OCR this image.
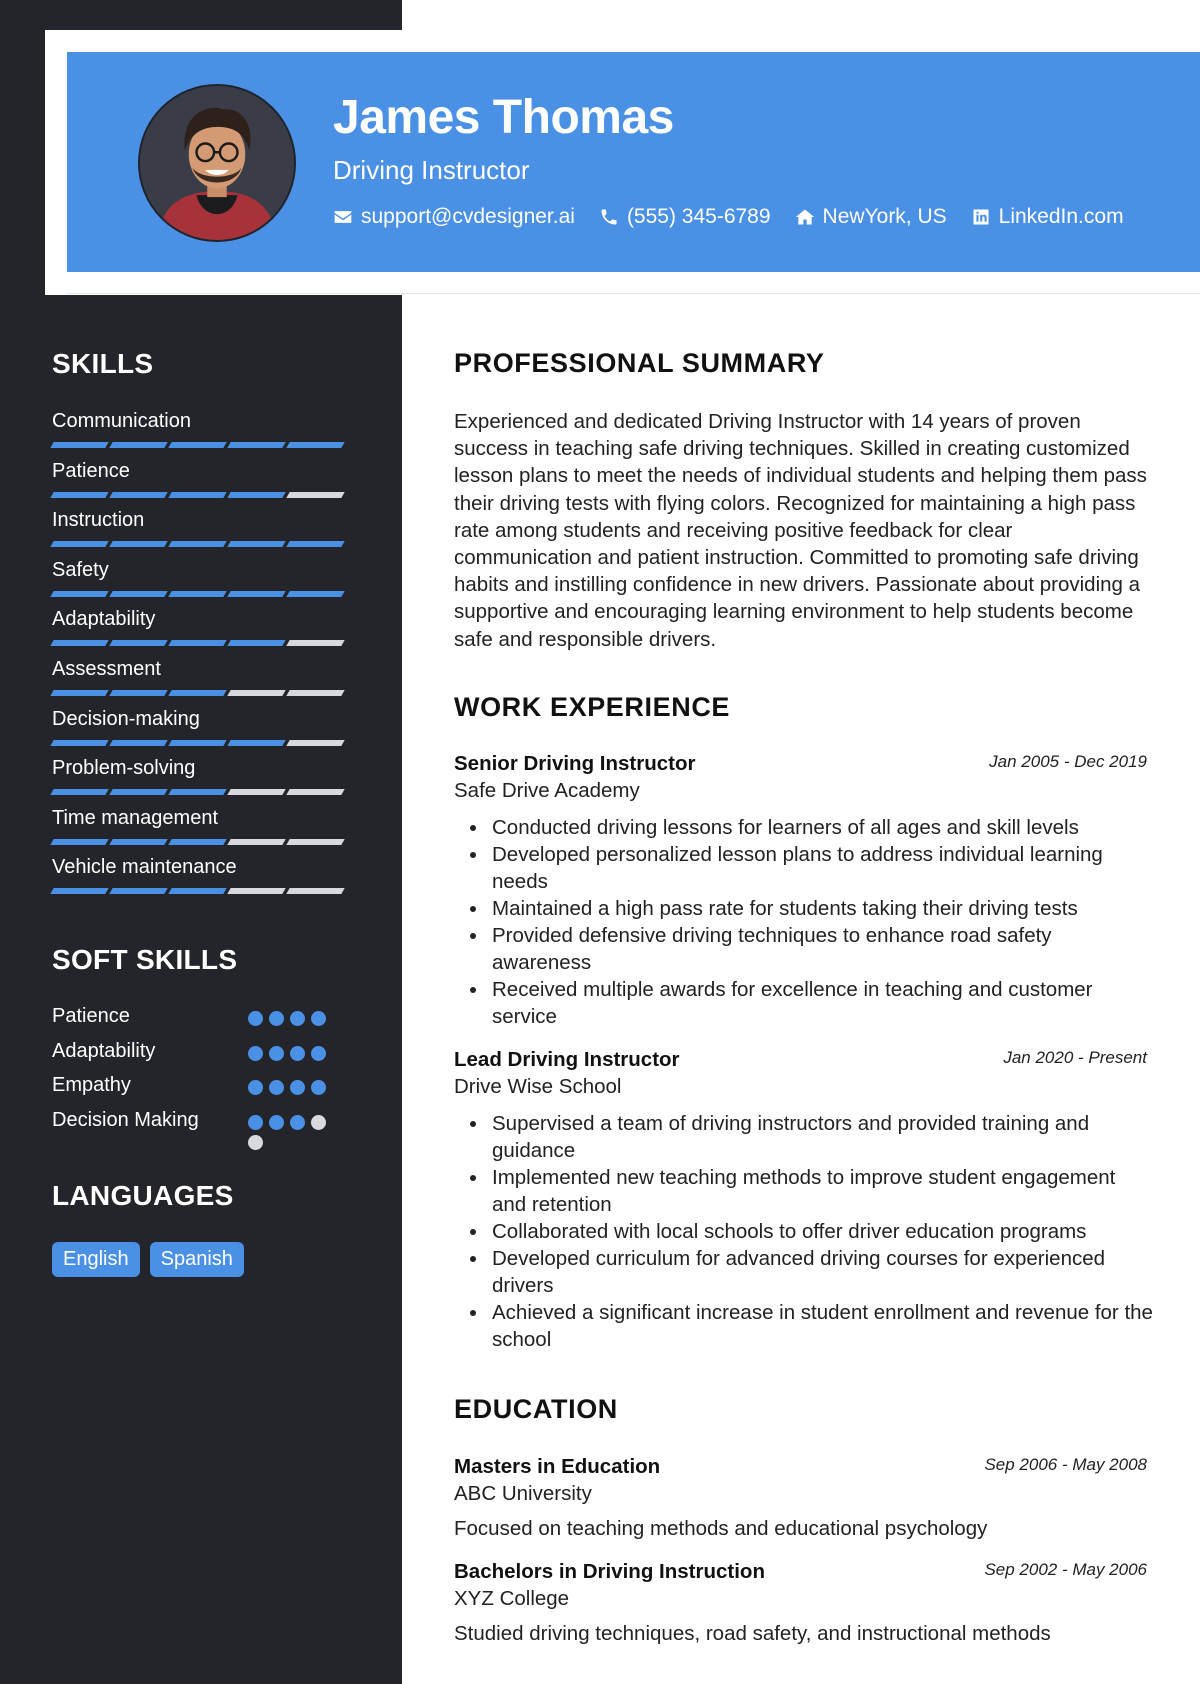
James Thomas
Driving Instructor
support@cvdesigner.ai (555) 345-6789 NewYork, US LinkedIn.com
SKILLS
Communication
Patience
Instruction
Safety
Adaptability
Assessment
Decision-making
Problem-solving
Time management
Vehicle maintenance
SOFT SKILLS
Patience
Adaptability
Empathy
Decision Making
LANGUAGES
English	Spanish
PROFESSIONAL SUMMARY

Experienced and dedicated Driving Instructor with 14 years of proven success in teaching safe driving techniques. Skilled in creating customized lesson plans to meet the needs of individual students and helping them pass their driving tests with flying colors. Recognized for maintaining a high pass rate among students and receiving positive feedback for clear communication and patient instruction. Committed to promoting safe driving habits and instilling confidence in new drivers. Passionate about providing a supportive and encouraging learning environment to help students become safe and responsible drivers.

WORK EXPERIENCE
Senior Driving Instructor	Jan 2005 - Dec 2019
Safe Drive Academy
Conducted driving lessons for learners of all ages and skill levels
Developed personalized lesson plans to address individual learning needs
Maintained a high pass rate for students taking their driving tests
Provided defensive driving techniques to enhance road safety awareness
Received multiple awards for excellence in teaching and customer service
Lead Driving Instructor	Jan 2020 - Present
Drive Wise School
Supervised a team of driving instructors and provided training and guidance
Implemented new teaching methods to improve student engagement and retention
Collaborated with local schools to offer driver education programs
Developed curriculum for advanced driving courses for experienced drivers
Achieved a significant increase in student enrollment and revenue for the school
EDUCATION
Masters in Education	Sep 2006 - May 2008
ABC University
Focused on teaching methods and educational psychology
Bachelors in Driving Instruction	Sep 2002 - May 2006
XYZ College
Studied driving techniques, road safety, and instructional methods
